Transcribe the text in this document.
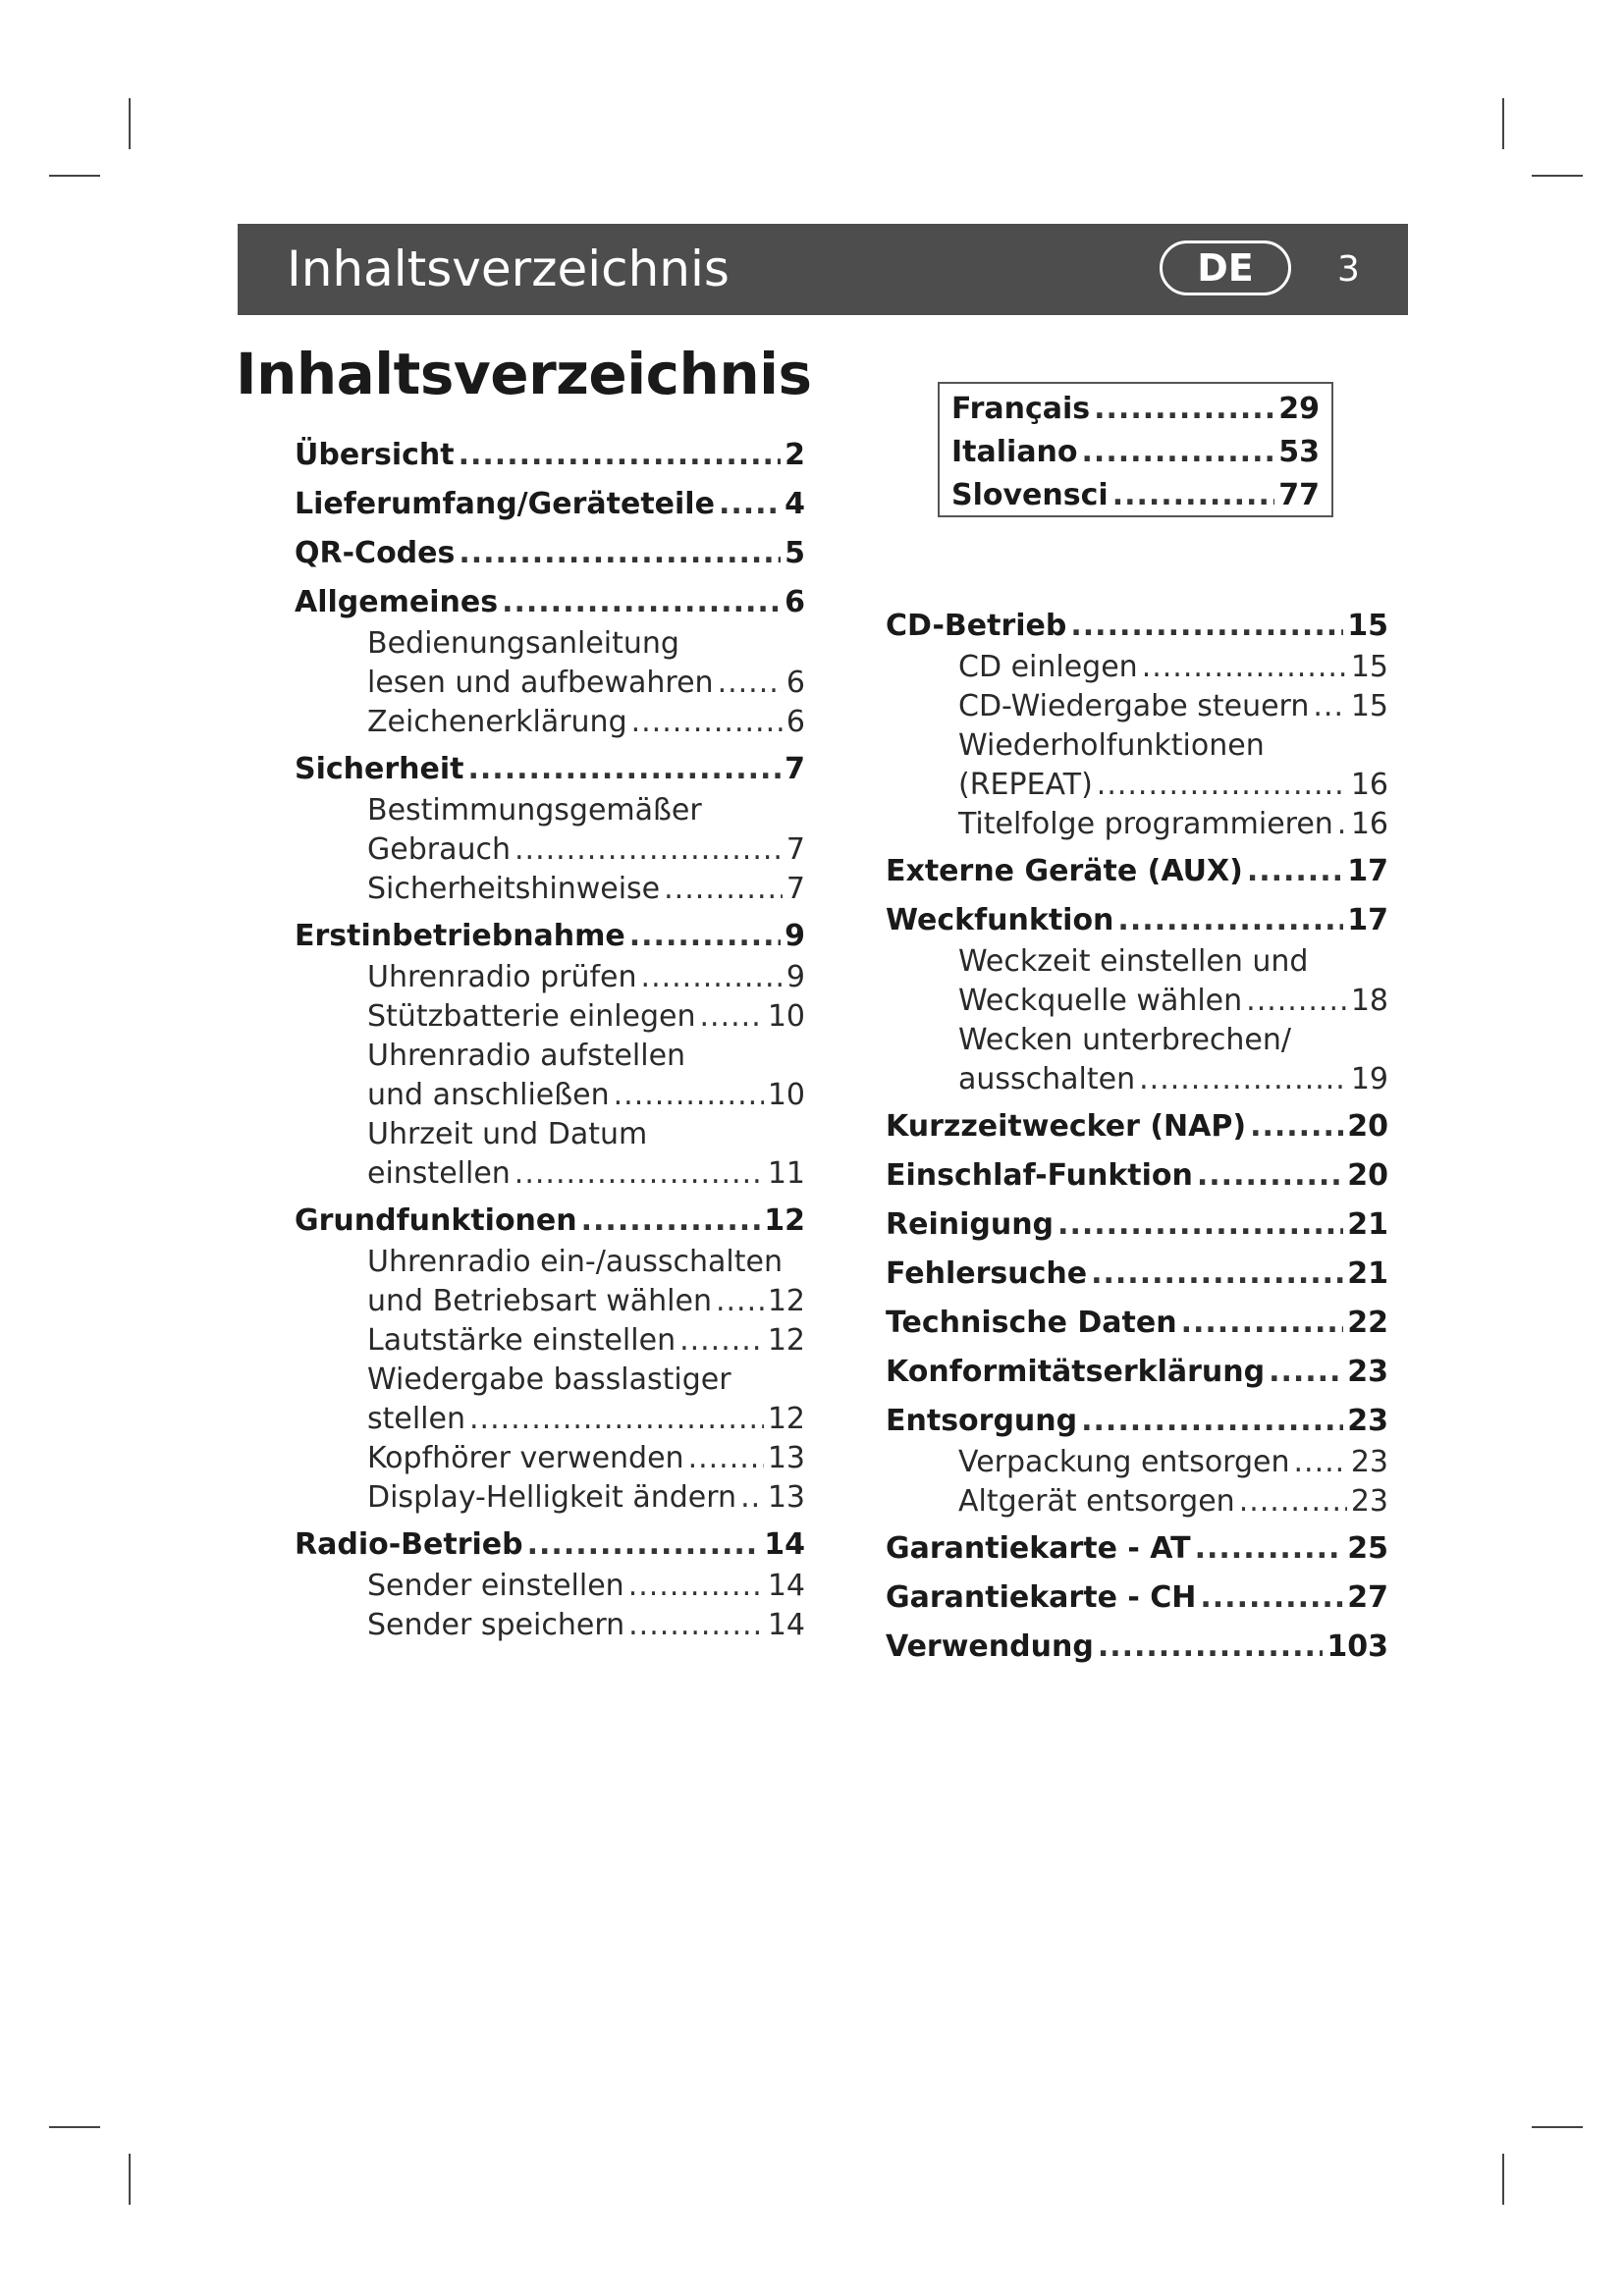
Inhaltsverzeichnis	DE	3
Inhaltsverzeichnis
Français .....	29
Italiano .....	53
Slovensci .....	77
Übersicht .....	2
Lieferumfang/Geräteteile ..... 4
QR-Codes .....	5
Allgemeines .....	6
Bedienungsanleitung
lesen und aufbewahren ..... 6
Zeichenerklärung .....	6
Sicherheit .....	7
Bestimmungsgemäßer
Gebrauch .....	7
Sicherheitshinweise .....	7
Erstinbetriebnahme .....	9
Uhrenradio prüfen .....	9
Stützbatterie einlegen ..... 10
Uhrenradio aufstellen
und anschließen .....	10
Uhrzeit und Datum
einstellen .....	11
Grundfunktionen .....	12
Uhrenradio ein-/ausschalten
und Betriebsart wählen ..... 12
Lautstärke einstellen .....	12
Wiedergabe basslastiger
stellen .....	12
Kopfhörer verwenden .....	13
Display-Helligkeit ändern ..... 13
Radio-Betrieb .....	14
Sender einstellen .....	14
Sender speichern .....	14
CD-Betrieb .....	15
CD einlegen .....	15
CD-Wiedergabe steuern ..... 15
Wiederholfunktionen
(REPEAT) .....	16
Titelfolge programmieren ..... 16
Externe Geräte (AUX) .....	17
Weckfunktion .....	17
Weckzeit einstellen und
Weckquelle wählen .....	18
Wecken unterbrechen/
ausschalten .....	19
Kurzzeitwecker (NAP) .....	20
Einschlaf-Funktion .....	20
Reinigung .....	21
Fehlersuche .....	21
Technische Daten .....	22
Konformitätserklärung .....	23
Entsorgung .....	23
Verpackung entsorgen ..... 23
Altgerät entsorgen .....	23
Garantiekarte - AT .....	25
Garantiekarte - CH .....	27
Verwendung .....	103
